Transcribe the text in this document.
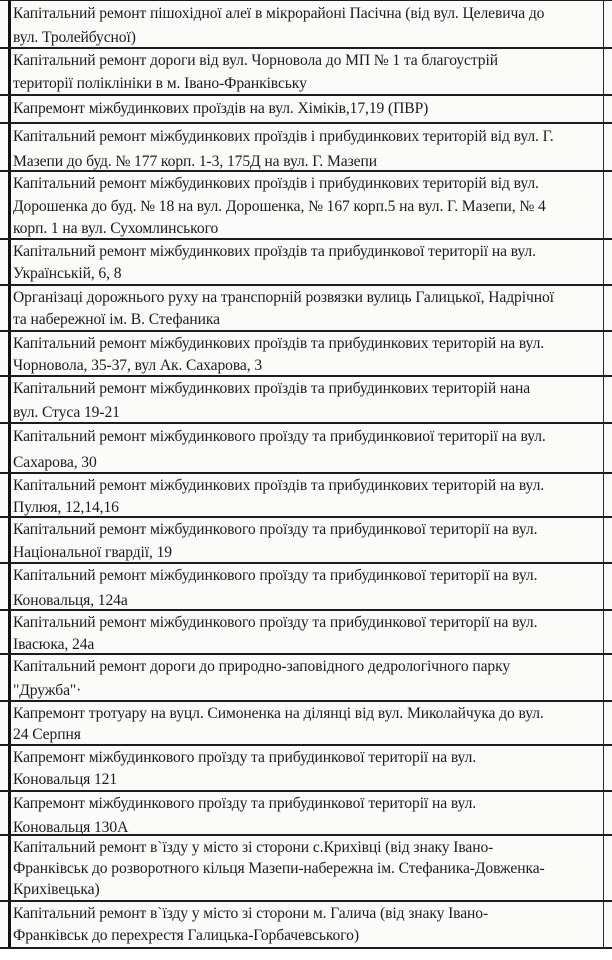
Капітальний ремонт пішохідної алеї в мікрорайоні Пасічна (від вул. Целевича до
вул. Тролейбусної)
Капітальний ремонт дороги від вул. Чорновола до МП № 1 та благоустрій
території поліклініки в м. Івано-Франківську
Капремонт міжбудинкових проїздів на вул. Хіміків,17,19 (ПВР)
Капітальний ремонт міжбудинкових проїздів і прибудинкових територій від вул. Г.
Мазепи до буд. № 177 корп. 1-3, 175Д на вул. Г. Мазепи
Капітальний ремонт міжбудинкових проїздів і прибудинкових територій від вул.
Дорошенка до буд. № 18 на вул. Дорошенка, № 167 корп.5 на вул. Г. Мазепи, № 4
корп. 1 на вул. Сухомлинського
Капітальний ремонт міжбудинкових проїздів та прибудинкової території на вул.
Українській, 6, 8
Організаці дорожнього руху на транспорній розвязки вулиць Галицької, Надрічної
та набережної ім. В. Стефаника
Капітальний ремонт міжбудинкових проїздів та прибудинкових територій на вул.
Чорновола, 35-37, вул Ак. Сахарова, 3
Капітальний ремонт міжбудинкових проїздів та прибудинкових територій нана
вул. Стуса 19-21
Капітальний ремонт міжбудинкового проїзду та прибудинковиої території на вул.
Сахарова, 30
Капітальний ремонт міжбудинкових проїздів та прибудинкових територій на вул.
Пулюя, 12,14,16
Капітальний ремонт міжбудинкового проїзду та прибудинкової території на вул.
Національної гвардії, 19
Капітальний ремонт міжбудинкового проїзду та прибудинкової території на вул.
Коновальця, 124а
Капітальний ремонт міжбудинкового проїзду та прибудинкової території на вул.
Івасюка, 24а
Капітальний ремонт дороги до природно-заповідного дедрологічного парку
"Дружба"·
Капремонт тротуару на вуцл. Симоненка на ділянці від вул. Миколайчука до вул.
24 Серпня
Капремонт міжбудинкового проїзду та прибудинкової території на вул.
Коновальця 121
Капремонт міжбудинкового проїзду та прибудинкової території на вул.
Коновальця 130А
Капітальний ремонт в`їзду у місто зі сторони с.Крихівці (від знаку Івано-
Франківськ до розворотного кільця Мазепи-набережна ім. Стефаника-Довженка-
Крихівецька)
Капітальний ремонт в`їзду у місто зі сторони м. Галича (від знаку Івано-
Франківськ до перехрестя Галицька-Горбачевського)
